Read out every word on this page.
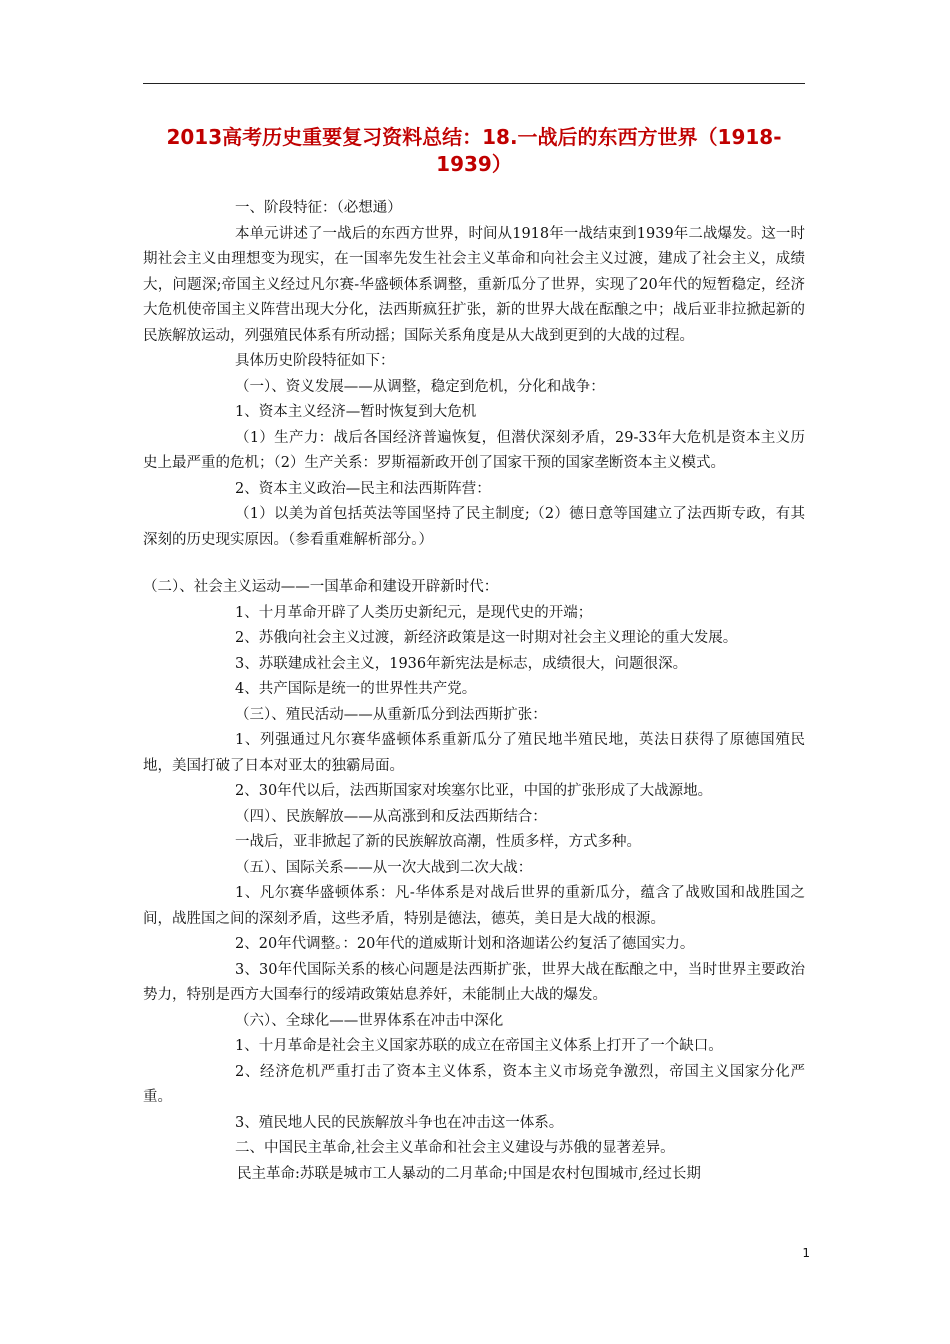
2013高考历史重要复习资料总结：18.一战后的东西方世界（1918-1939）

一、阶段特征：（必想通）

本单元讲述了一战后的东西方世界，时间从1918年一战结束到1939年二战爆发。这一时期社会主义由理想变为现实，在一国率先发生社会主义革命和向社会主义过渡，建成了社会主义，成绩大，问题深;帝国主义经过凡尔赛-华盛顿体系调整，重新瓜分了世界，实现了20年代的短暂稳定，经济大危机使帝国主义阵营出现大分化，法西斯疯狂扩张，新的世界大战在酝酿之中；战后亚非拉掀起新的民族解放运动，列强殖民体系有所动摇；国际关系角度是从大战到更到的大战的过程。

具体历史阶段特征如下：

（一）、资义发展——从调整，稳定到危机，分化和战争：

1、资本主义经济—暂时恢复到大危机

（1）生产力：战后各国经济普遍恢复，但潜伏深刻矛盾，29-33年大危机是资本主义历史上最严重的危机；（2）生产关系：罗斯福新政开创了国家干预的国家垄断资本主义模式。

2、资本主义政治—民主和法西斯阵营：

（1）以美为首包括英法等国坚持了民主制度;（2）德日意等国建立了法西斯专政，有其深刻的历史现实原因。（参看重难解析部分。）

（二）、社会主义运动——一国革命和建设开辟新时代：

1、十月革命开辟了人类历史新纪元，是现代史的开端；

2、苏俄向社会主义过渡，新经济政策是这一时期对社会主义理论的重大发展。

3、苏联建成社会主义，1936年新宪法是标志，成绩很大，问题很深。

4、共产国际是统一的世界性共产党。

（三）、殖民活动——从重新瓜分到法西斯扩张：

1、列强通过凡尔赛华盛顿体系重新瓜分了殖民地半殖民地，英法日获得了原德国殖民地，美国打破了日本对亚太的独霸局面。

2、30年代以后，法西斯国家对埃塞尔比亚，中国的扩张形成了大战源地。

（四）、民族解放——从高涨到和反法西斯结合：

一战后，亚非掀起了新的民族解放高潮，性质多样，方式多种。

（五）、国际关系——从一次大战到二次大战：

1、凡尔赛华盛顿体系：凡-华体系是对战后世界的重新瓜分，蕴含了战败国和战胜国之间，战胜国之间的深刻矛盾，这些矛盾，特别是德法，德英，美日是大战的根源。

2、20年代调整。：20年代的道威斯计划和洛迦诺公约复活了德国实力。

3、30年代国际关系的核心问题是法西斯扩张，世界大战在酝酿之中，当时世界主要政治势力，特别是西方大国奉行的绥靖政策姑息养奸，未能制止大战的爆发。

（六）、全球化——世界体系在冲击中深化

1、十月革命是社会主义国家苏联的成立在帝国主义体系上打开了一个缺口。

2、经济危机严重打击了资本主义体系，资本主义市场竞争激烈，帝国主义国家分化严重。

3、殖民地人民的民族解放斗争也在冲击这一体系。

二、中国民主革命,社会主义革命和社会主义建设与苏俄的显著差异。

民主革命:苏联是城市工人暴动的二月革命;中国是农村包围城市,经过长期

1
